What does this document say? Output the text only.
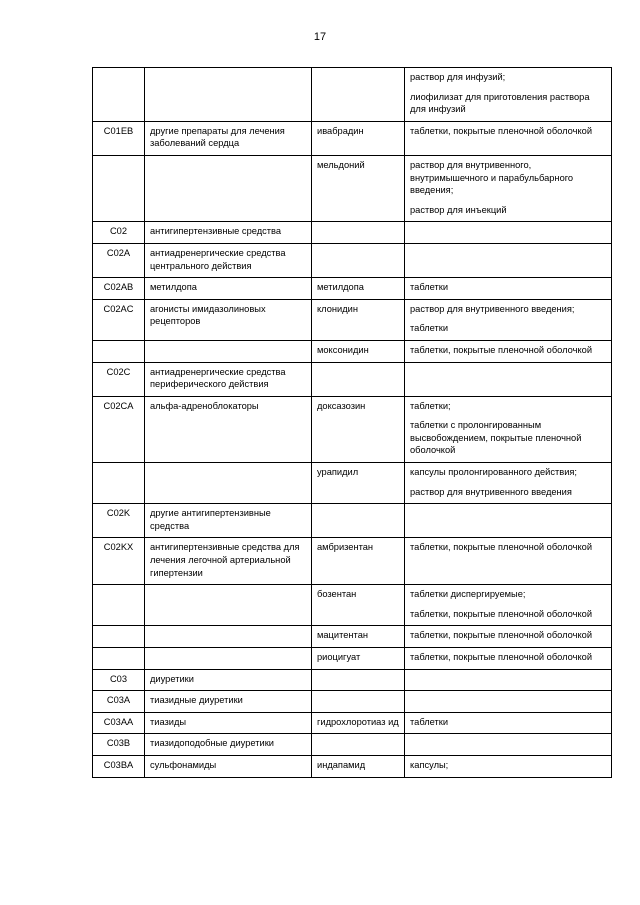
17

			раствор для инфузий;
лиофилизат для приготовления раствора для инфузий

C01EB	другие препараты для лечения заболеваний сердца	ивабрадин	таблетки, покрытые пленочной оболочкой

		мельдоний	раствор для внутривенного, внутримышечного и парабульбарного введения;
раствор для инъекций

C02	антигипертензивные средства		
C02A	антиадренергические средства центрального действия		
C02AB	метилдопа	метилдопа	таблетки

C02AC	агонисты имидазолиновых рецепторов	клонидин	раствор для внутривенного введения;
таблетки

		моксонидин	таблетки, покрытые пленочной оболочкой

C02C	антиадренергические средства периферического действия		
C02CA	альфа-адреноблокаторы	доксазозин	таблетки;
таблетки с пролонгированным высвобождением, покрытые пленочной оболочкой

		урапидил	капсулы пролонгированного действия;
раствор для внутривенного введения

C02K	другие антигипертензивные средства		
C02KX	антигипертензивные средства для лечения легочной артериальной гипертензии	амбризентан	таблетки, покрытые пленочной оболочкой

		бозентан	таблетки диспергируемые;
таблетки, покрытые пленочной оболочкой

		мацитентан	таблетки, покрытые пленочной оболочкой

		риоцигуат	таблетки, покрытые пленочной оболочкой

C03	диуретики		
C03A	тиазидные диуретики		
C03AA	тиазиды	гидрохлоротиаз ид	таблетки

C03B	тиазидоподобные диуретики		
C03BA	сульфонамиды	индапамид	капсулы;
